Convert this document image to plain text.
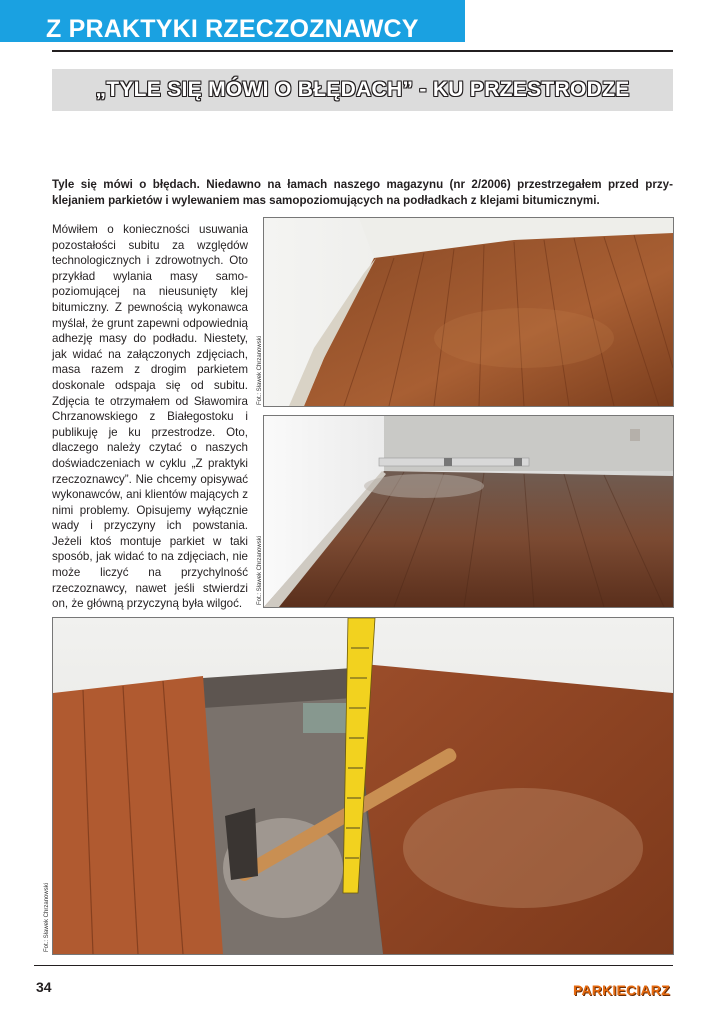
Z PRAKTYKI RZECZOZNAWCY
„TYLE SIĘ MÓWI O BŁĘDACH” - KU PRZESTRODZE
Tyle się mówi o błędach. Niedawno na łamach naszego magazynu (nr 2/2006) przestrzegałem przed przyklejaniem parkietów i wylewaniem mas samopoziomujących na podładkach z klejami bitumicznymi.
Mówiłem o konieczności usuwania pozostałości subitu za względów technologicznych i zdrowotnych. Oto przykład wylania masy samopoziomującej na nieusunięty klej bitumiczny. Z pewnością wykonawca myślał, że grunt zapewni odpowiednią adhezję masy do podładu. Niestety, jak widać na załączonych zdjęciach, masa razem z drogim parkietem doskonale odspaja się od subitu. Zdjęcia te otrzymałem od Sławomira Chrzanowskiego z Białegostoku i publikuję je ku przestrodze. Oto, dlaczego należy czytać o naszych doświadczeniach w cyklu „Z praktyki rzeczoznawcy”. Nie chcemy opisywać wykonawców, ani klientów mających z nimi problemy. Opisujemy wyłącznie wady i przyczyny ich powstania. Jeżeli ktoś montuje parkiet w taki sposób, jak widać to na zdjęciach, nie może liczyć na przychylność rzeczoznawcy, nawet jeśli stwierdzi on, że główną przyczyną była wilgoć.
Fot.: Sławek Chrzanowski
Fot.: Sławek Chrzanowski
Fot.: Sławek Chrzanowski
34	PARKIECIARZ
